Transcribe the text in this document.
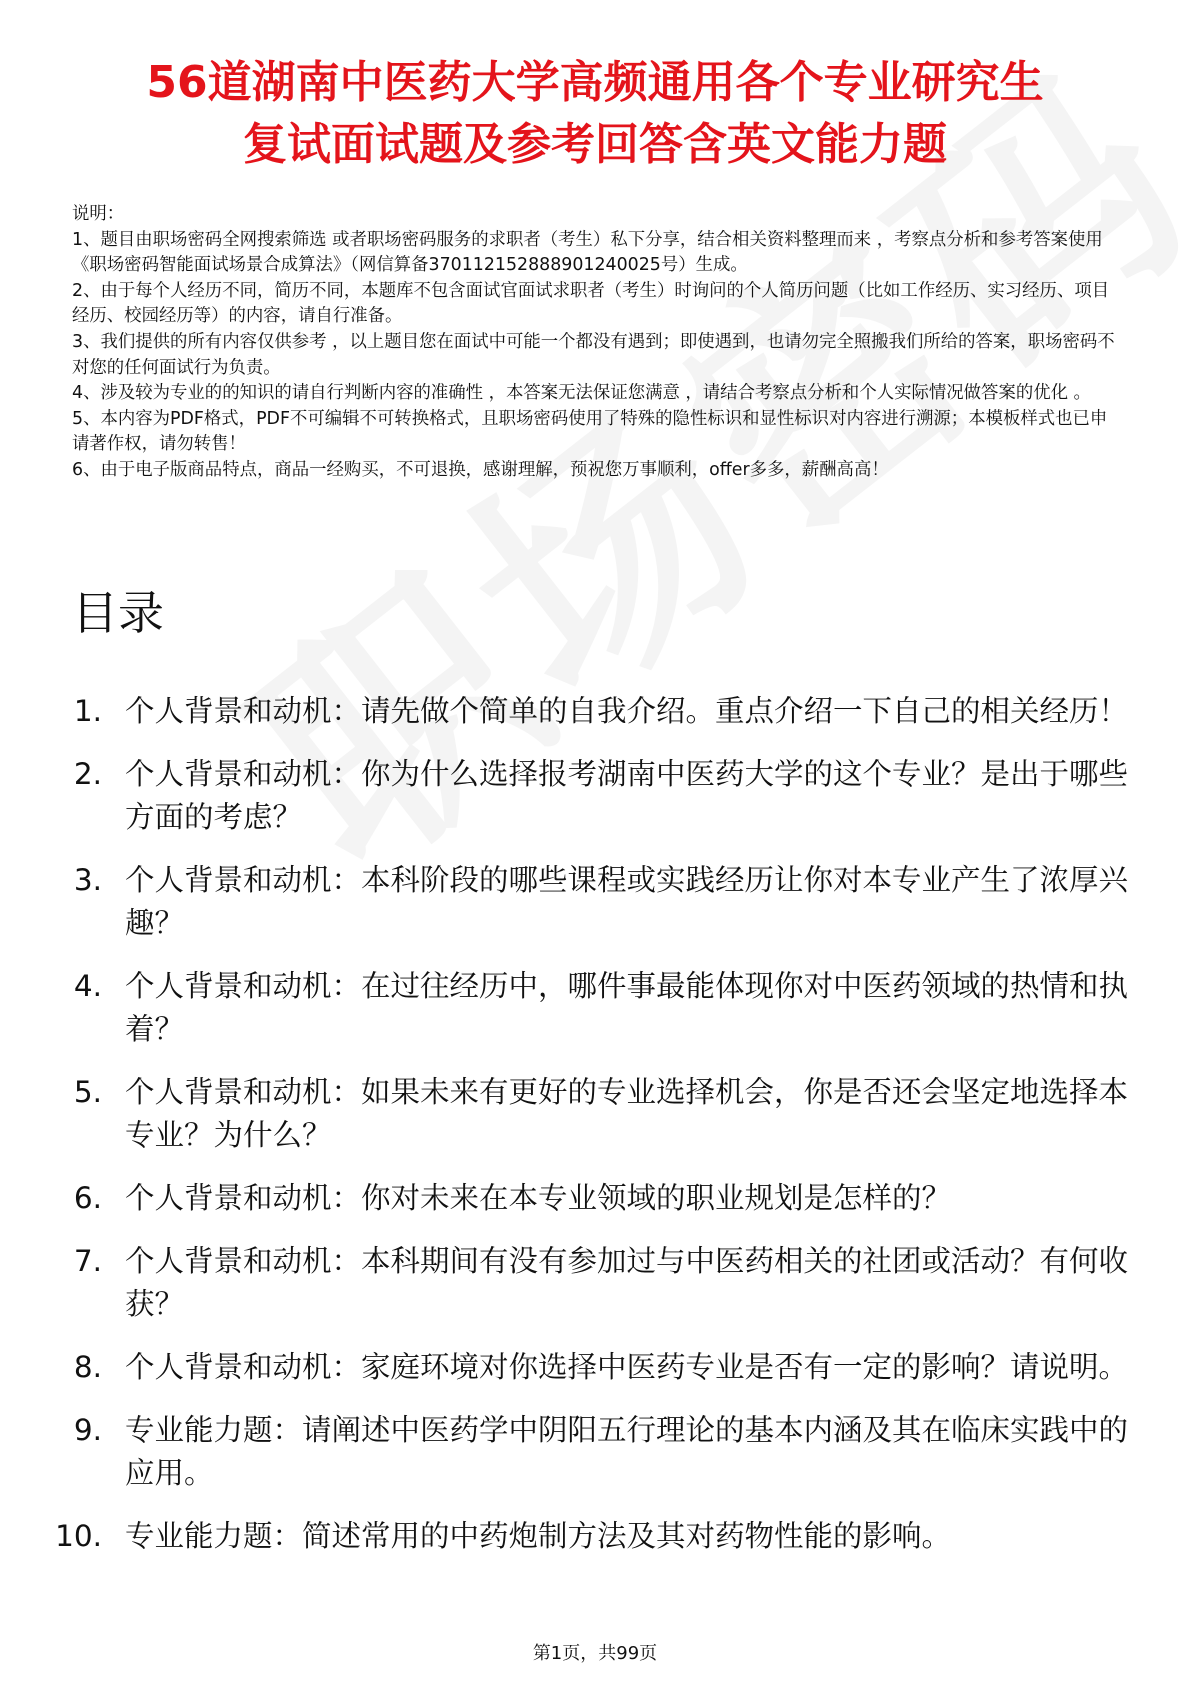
56道湖南中医药大学高频通用各个专业研究生
复试面试题及参考回答含英文能力题

说明：

1、题目由职场密码全网搜索筛选 或者职场密码服务的求职者（考生）私下分享，结合相关资料整理而来 ，考察点分析和参考答案使用《职场密码智能面试场景合成算法》（网信算备370112152888901240025号）生成。

2、由于每个人经历不同，简历不同，本题库不包含面试官面试求职者（考生）时询问的个人简历问题（比如工作经历、实习经历、项目经历、校园经历等）的内容，请自行准备。

3、我们提供的所有内容仅供参考 ，以上题目您在面试中可能一个都没有遇到；即使遇到，也请勿完全照搬我们所给的答案，职场密码不对您的任何面试行为负责。

4、涉及较为专业的的知识的请自行判断内容的准确性 ，本答案无法保证您满意 ，请结合考察点分析和个人实际情况做答案的优化 。

5、本内容为PDF格式，PDF不可编辑不可转换格式，且职场密码使用了特殊的隐性标识和显性标识对内容进行溯源；本模板样式也已申请著作权，请勿转售！

6、由于电子版商品特点，商品一经购买，不可退换，感谢理解，预祝您万事顺利，offer多多，薪酬高高！

目录
1. 个人背景和动机：请先做个简单的自我介绍。重点介绍一下自己的相关经历！
2. 个人背景和动机：你为什么选择报考湖南中医药大学的这个专业？是出于哪些方面的考虑？
3. 个人背景和动机：本科阶段的哪些课程或实践经历让你对本专业产生了浓厚兴趣？
4. 个人背景和动机：在过往经历中，哪件事最能体现你对中医药领域的热情和执着？
5. 个人背景和动机：如果未来有更好的专业选择机会，你是否还会坚定地选择本专业？为什么？
6. 个人背景和动机：你对未来在本专业领域的职业规划是怎样的？
7. 个人背景和动机：本科期间有没有参加过与中医药相关的社团或活动？有何收获？
8. 个人背景和动机：家庭环境对你选择中医药专业是否有一定的影响？请说明。
9. 专业能力题：请阐述中医药学中阴阳五行理论的基本内涵及其在临床实践中的应用。
10. 专业能力题：简述常用的中药炮制方法及其对药物性能的影响。
第1页，共99页
